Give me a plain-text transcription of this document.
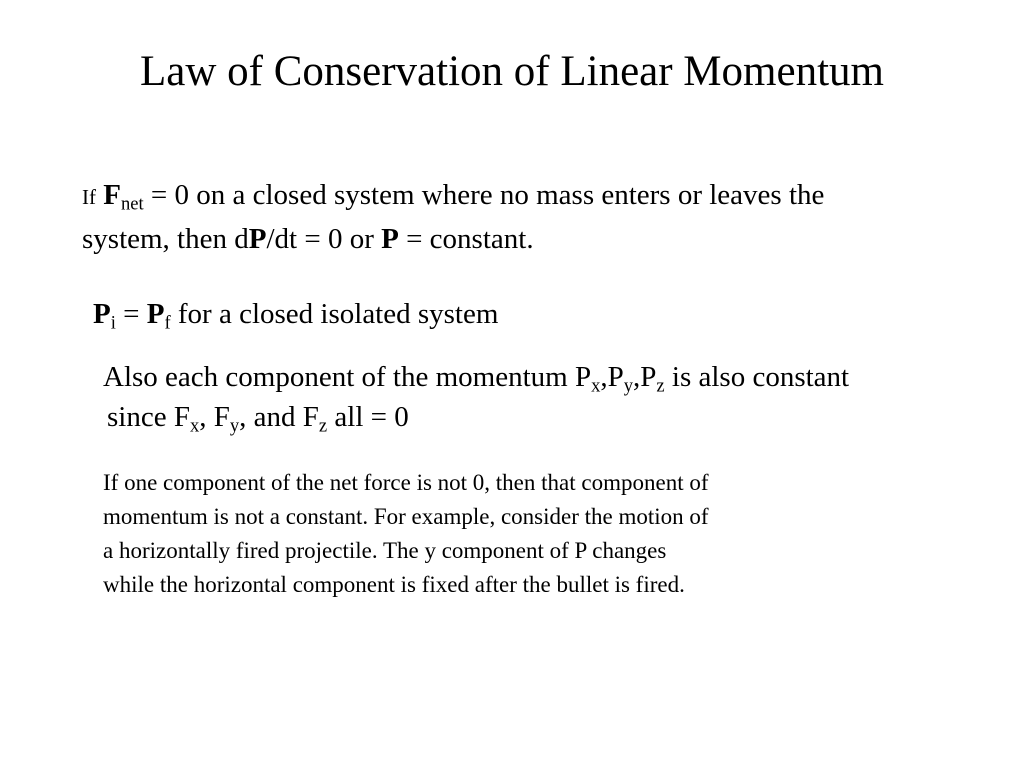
Law of Conservation of Linear Momentum
If $F_{net} = 0$ on a closed system where no mass enters or leaves the
system, then dP/dt = 0 or P = constant.
$P_i = P_f$ for a closed isolated system
Also each component of the momentum $P_x,P_y,P_z$ is also constant
since $F_x$, $F_y$, and $F_z$ all = 0
If one component of the net force is not 0, then that component of
momentum is not a constant. For example, consider the motion of
a horizontally fired projectile. The y component of P changes
while the horizontal component is fixed after the bullet is fired.
